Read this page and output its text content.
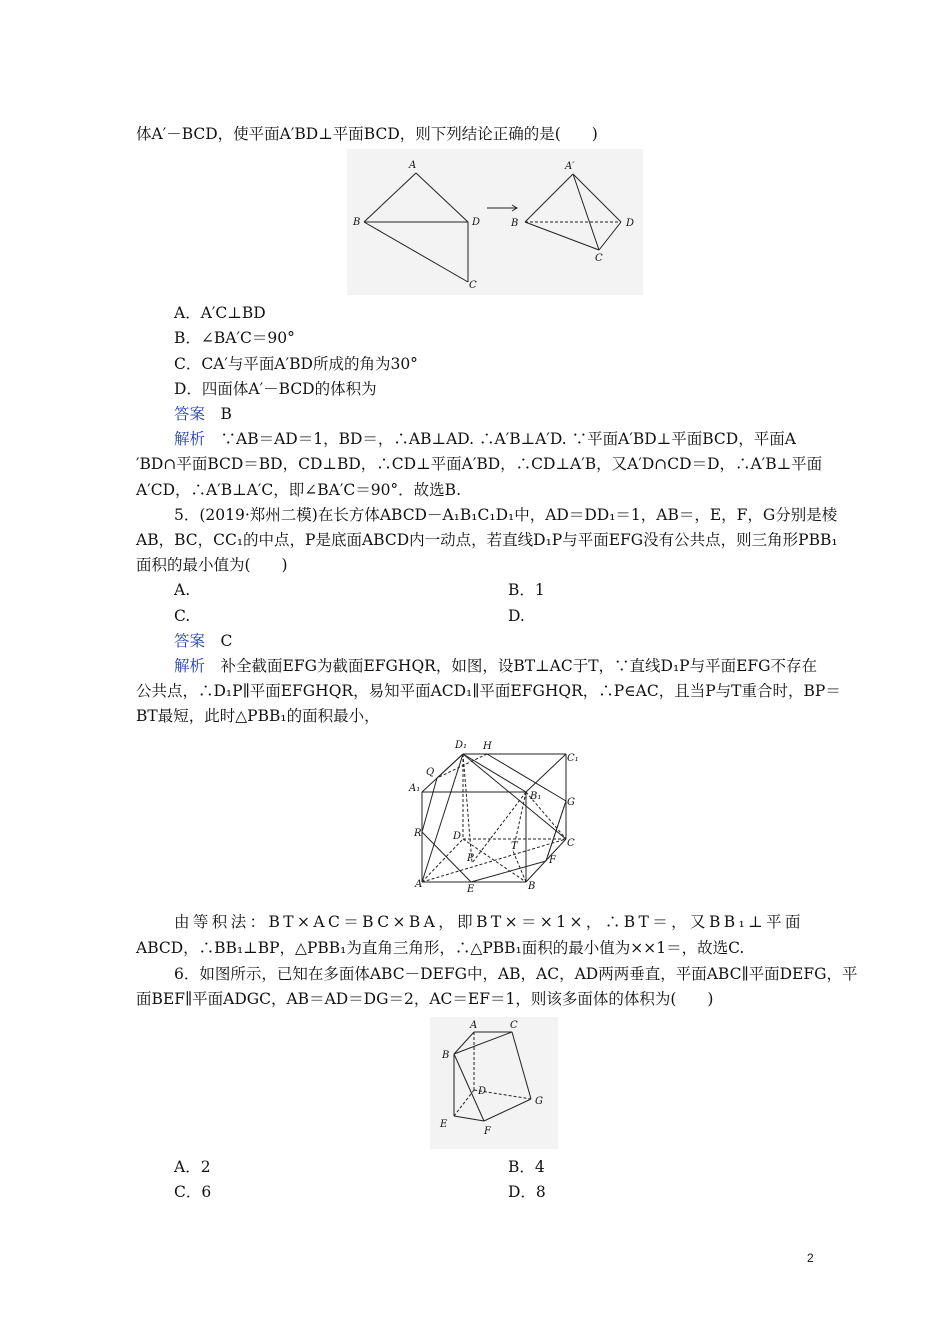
体A′－BCD，使平面A′BD⊥平面BCD，则下列结论正确的是(　　)
A
B	D
C
A′
B	D
C
A．A′C⊥BD
B．∠BA′C＝90°
C．CA′与平面A′BD所成的角为30°
D．四面体A′－BCD的体积为
答案　 B
解析　 ∵AB＝AD＝1，BD＝，∴AB⊥AD. ∴A′B⊥A′D. ∵平面A′BD⊥平面BCD，平面A
′BD∩平面BCD＝BD，CD⊥BD，∴CD⊥平面A′BD，∴CD⊥A′B，又A′D∩CD＝D，∴A′B⊥平面
A′CD，∴A′B⊥A′C，即∠BA′C＝90°．故选B.
5．(2019·郑州二模)在长方体ABCD－A₁B₁C₁D₁中，AD＝DD₁＝1，AB＝，E，F，G分别是棱
AB，BC，CC₁的中点，P是底面ABCD内一动点，若直线D₁P与平面EFG没有公共点，则三角形PBB₁
面积的最小值为(　　)
A.	B．1
C.	D.
答案　 C
解析　 补全截面EFG为截面EFGHQR，如图，设BT⊥AC于T，∵直线D₁P与平面EFG不存在
公共点，∴D₁P∥平面EFGHQR，易知平面ACD₁∥平面EFGHQR，∴P∈AC，且当P与T重合时，BP＝
BT最短，此时△PBB₁的面积最小，
D₁ H
C₁
Q
A₁
B₁
G
R	D
C
T
F
P
A	E	B
由等积法：BT×AC＝BC×BA，即BT×＝×1×，∴BT＝，又BB₁⊥平面
ABCD，∴BB₁⊥BP，△PBB₁为直角三角形，∴△PBB₁面积的最小值为××1＝，故选C.
6．如图所示，已知在多面体ABC－DEFG中，AB，AC，AD两两垂直，平面ABC∥平面DEFG，平
面BEF∥平面ADGC，AB＝AD＝DG＝2，AC＝EF＝1，则该多面体的体积为(　　)
A	C
B
D
G
E
F
A．2	B．4
C．6	D．8
2
